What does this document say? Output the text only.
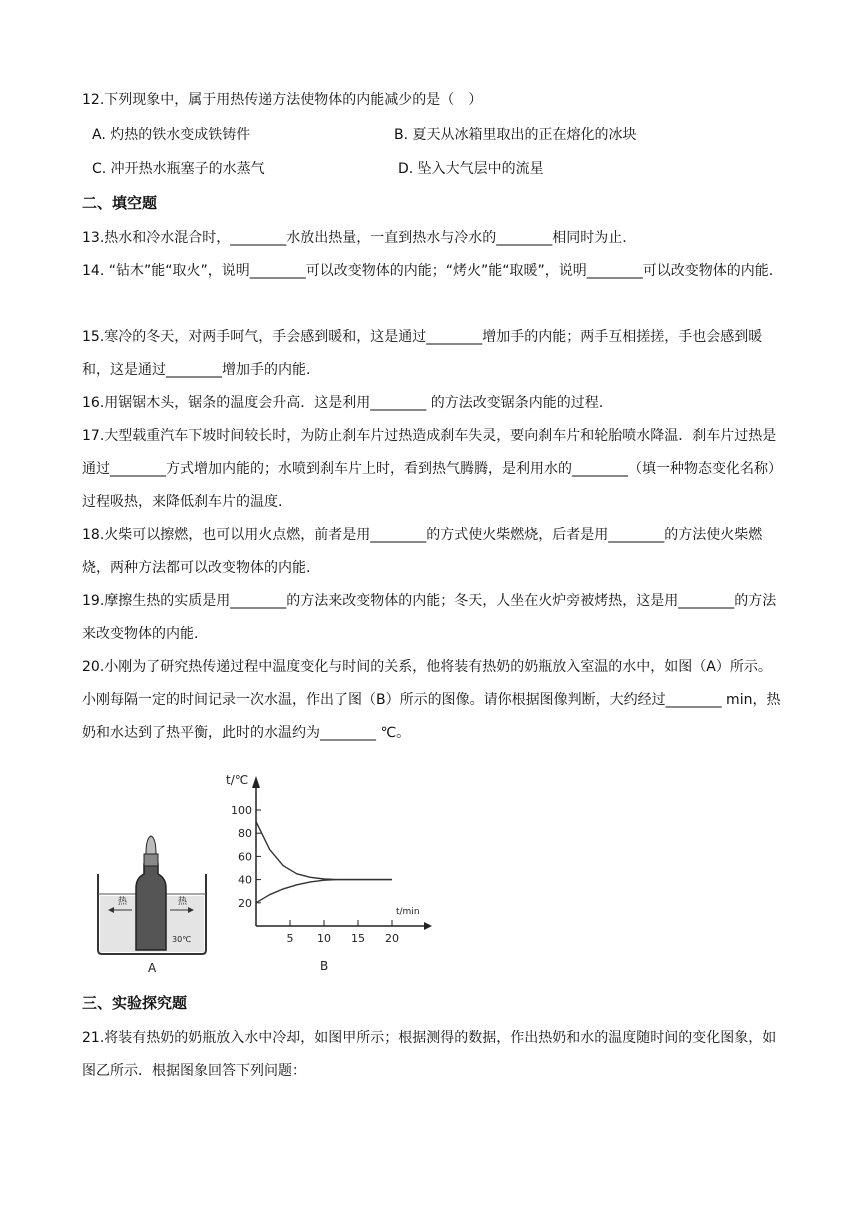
12.下列现象中，属于用热传递方法使物体的内能减少的是（　）
A. 灼热的铁水变成铁铸件	B. 夏天从冰箱里取出的正在熔化的冰块
C. 冲开热水瓶塞子的水蒸气	D. 坠入大气层中的流星
二、填空题
13.热水和冷水混合时，________水放出热量，一直到热水与冷水的________相同时为止.
14. “钻木”能“取火”，说明________可以改变物体的内能；“烤火”能“取暖”，说明________可以改变物体的内能.
15.寒冷的冬天，对两手呵气，手会感到暖和，这是通过________增加手的内能；两手互相搓搓，手也会感到暖和，这是通过________增加手的内能.
16.用锯锯木头，锯条的温度会升高．这是利用________ 的方法改变锯条内能的过程.
17.大型载重汽车下坡时间较长时，为防止刹车片过热造成刹车失灵，要向刹车片和轮胎喷水降温．刹车片过热是通过________方式增加内能的；水喷到刹车片上时，看到热气腾腾，是利用水的________（填一种物态变化名称）过程吸热，来降低刹车片的温度.
18.火柴可以擦燃，也可以用火点燃，前者是用________的方式使火柴燃烧，后者是用________的方法使火柴燃烧，两种方法都可以改变物体的内能.
19.摩擦生热的实质是用________的方法来改变物体的内能；冬天，人坐在火炉旁被烤热，这是用________的方法来改变物体的内能.
20.小刚为了研究热传递过程中温度变化与时间的关系，他将装有热奶的奶瓶放入室温的水中，如图（A）所示。小刚每隔一定的时间记录一次水温，作出了图（B）所示的图像。请你根据图像判断，大约经过________ min，热奶和水达到了热平衡，此时的水温约为________ ℃。
热	热
30℃
A
t/℃
t/min
20
40
60
80
100
5 10 15 20
B
三、实验探究题
21.将装有热奶的奶瓶放入水中冷却，如图甲所示；根据测得的数据，作出热奶和水的温度随时间的变化图象，如图乙所示．根据图象回答下列问题：
